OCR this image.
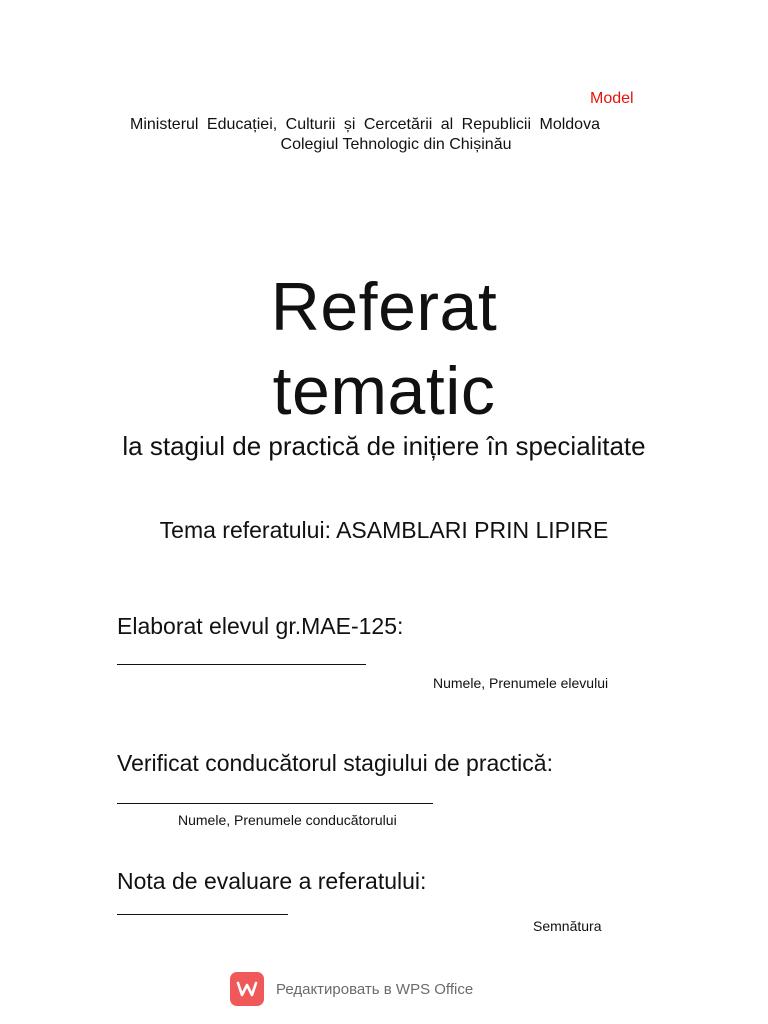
Model
Ministerul Educației, Culturii și Cercetării al Republicii Moldova
Colegiul Tehnologic din Chișinău
Referat
tematic
la stagiul de practică de inițiere în specialitate
Tema referatului: ASAMBLARI PRIN LIPIRE
Elaborat elevul gr.MAE-125:
Numele, Prenumele elevului
Verificat conducătorul stagiului de practică:
Numele, Prenumele conducătorului
Nota de evaluare a referatului:
Semnătura
Редактировать в WPS Office
